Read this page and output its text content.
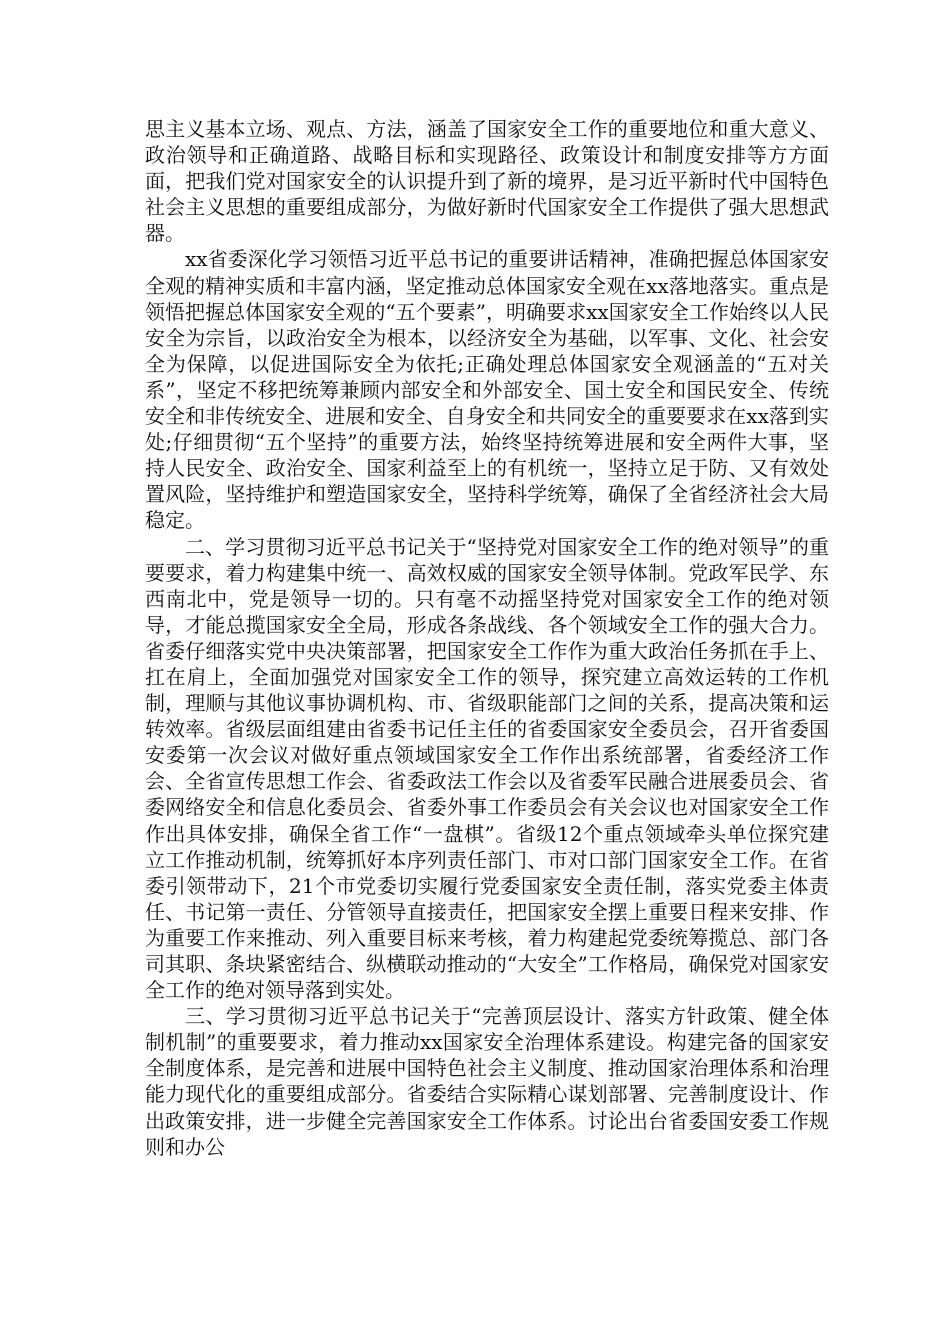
思主义基本立场、观点、方法，涵盖了国家安全工作的重要地位和重大意义、政治领导和正确道路、战略目标和实现路径、政策设计和制度安排等方方面面，把我们党对国家安全的认识提升到了新的境界，是习近平新时代中国特色社会主义思想的重要组成部分，为做好新时代国家安全工作提供了强大思想武器。

xx省委深化学习领悟习近平总书记的重要讲话精神，准确把握总体国家安全观的精神实质和丰富内涵，坚定推动总体国家安全观在xx落地落实。重点是领悟把握总体国家安全观的“五个要素”，明确要求xx国家安全工作始终以人民安全为宗旨，以政治安全为根本，以经济安全为基础，以军事、文化、社会安全为保障，以促进国际安全为依托;正确处理总体国家安全观涵盖的“五对关系”，坚定不移把统筹兼顾内部安全和外部安全、国土安全和国民安全、传统安全和非传统安全、进展和安全、自身安全和共同安全的重要要求在xx落到实处;仔细贯彻“五个坚持”的重要方法，始终坚持统筹进展和安全两件大事，坚持人民安全、政治安全、国家利益至上的有机统一，坚持立足于防、又有效处置风险，坚持维护和塑造国家安全，坚持科学统筹，确保了全省经济社会大局稳定。

二、学习贯彻习近平总书记关于“坚持党对国家安全工作的绝对领导”的重要要求，着力构建集中统一、高效权威的国家安全领导体制。党政军民学、东西南北中，党是领导一切的。只有毫不动摇坚持党对国家安全工作的绝对领导，才能总揽国家安全全局，形成各条战线、各个领域安全工作的强大合力。省委仔细落实党中央决策部署，把国家安全工作作为重大政治任务抓在手上、扛在肩上，全面加强党对国家安全工作的领导，探究建立高效运转的工作机制，理顺与其他议事协调机构、市、省级职能部门之间的关系，提高决策和运转效率。省级层面组建由省委书记任主任的省委国家安全委员会，召开省委国安委第一次会议对做好重点领域国家安全工作作出系统部署，省委经济工作会、全省宣传思想工作会、省委政法工作会以及省委军民融合进展委员会、省委网络安全和信息化委员会、省委外事工作委员会有关会议也对国家安全工作作出具体安排，确保全省工作“一盘棋”。省级12个重点领域牵头单位探究建立工作推动机制，统筹抓好本序列责任部门、市对口部门国家安全工作。在省委引领带动下，21个市党委切实履行党委国家安全责任制，落实党委主体责任、书记第一责任、分管领导直接责任，把国家安全摆上重要日程来安排、作为重要工作来推动、列入重要目标来考核，着力构建起党委统筹揽总、部门各司其职、条块紧密结合、纵横联动推动的“大安全”工作格局，确保党对国家安全工作的绝对领导落到实处。

三、学习贯彻习近平总书记关于“完善顶层设计、落实方针政策、健全体制机制”的重要要求，着力推动xx国家安全治理体系建设。构建完备的国家安全制度体系，是完善和进展中国特色社会主义制度、推动国家治理体系和治理能力现代化的重要组成部分。省委结合实际精心谋划部署、完善制度设计、作出政策安排，进一步健全完善国家安全工作体系。讨论出台省委国安委工作规则和办公
